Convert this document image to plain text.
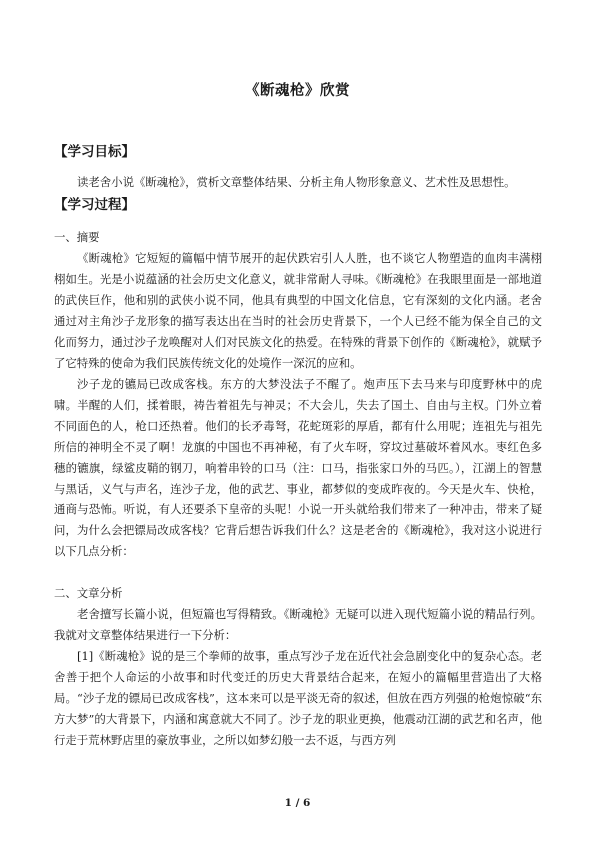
《断魂枪》欣赏
【学习目标】

读老舍小说《断魂枪》，赏析文章整体结果、分析主角人物形象意义、艺术性及思想性。

【学习过程】
一、摘要

《断魂枪》它短短的篇幅中情节展开的起伏跌宕引人人胜，也不谈它人物塑造的血肉丰满栩栩如生。光是小说蕴涵的社会历史文化意义，就非常耐人寻味。《断魂枪》在我眼里面是一部地道的武侠巨作，他和别的武侠小说不同，他具有典型的中国文化信息，它有深刻的文化内涵。老舍通过对主角沙子龙形象的描写表达出在当时的社会历史背景下，一个人已经不能为保全自己的文化而努力，通过沙子龙唤醒对人们对民族文化的热爱。在特殊的背景下创作的《断魂枪》，就赋予了它特殊的使命为我们民族传统文化的处境作一深沉的应和。

沙子龙的镳局已改成客栈。东方的大梦没法子不醒了。炮声压下去马来与印度野林中的虎啸。半醒的人们，揉着眼，祷告着祖先与神灵；不大会儿，失去了国土、自由与主权。门外立着不同面色的人，枪口还热着。他们的长矛毒弩，花蛇斑彩的厚盾，都有什么用呢；连祖先与祖先所信的神明全不灵了啊！龙旗的中国也不再神秘，有了火车呀，穿坟过墓破坏着风水。枣红色多穗的镳旗，绿鲨皮鞘的钢刀，响着串铃的口马（注：口马，指张家口外的马匹。），江湖上的智慧与黑话，义气与声名，连沙子龙，他的武艺、事业，都梦似的变成昨夜的。今天是火车、快枪，通商与恐怖。听说，有人还要杀下皇帝的头呢！小说一开头就给我们带来了一种冲击，带来了疑问，为什么会把镖局改成客栈？它背后想告诉我们什么？这是老舍的《断魂枪》，我对这小说进行以下几点分析：

二、文章分析

老舍擅写长篇小说，但短篇也写得精致。《断魂枪》无疑可以进入现代短篇小说的精品行列。我就对文章整体结果进行一下分析：

[1]《断魂枪》说的是三个拳师的故事，重点写沙子龙在近代社会急剧变化中的复杂心态。老舍善于把个人命运的小故事和时代变迁的历史大背景结合起来，在短小的篇幅里营造出了大格局。“沙子龙的镖局已改成客栈”，这本来可以是平淡无奇的叙述，但放在西方列强的枪炮惊破“东方大梦”的大背景下，内涵和寓意就大不同了。沙子龙的职业更换，他震动江湖的武艺和名声，他行走于荒林野店里的豪放事业，之所以如梦幻般一去不返，与西方列

1 / 6
